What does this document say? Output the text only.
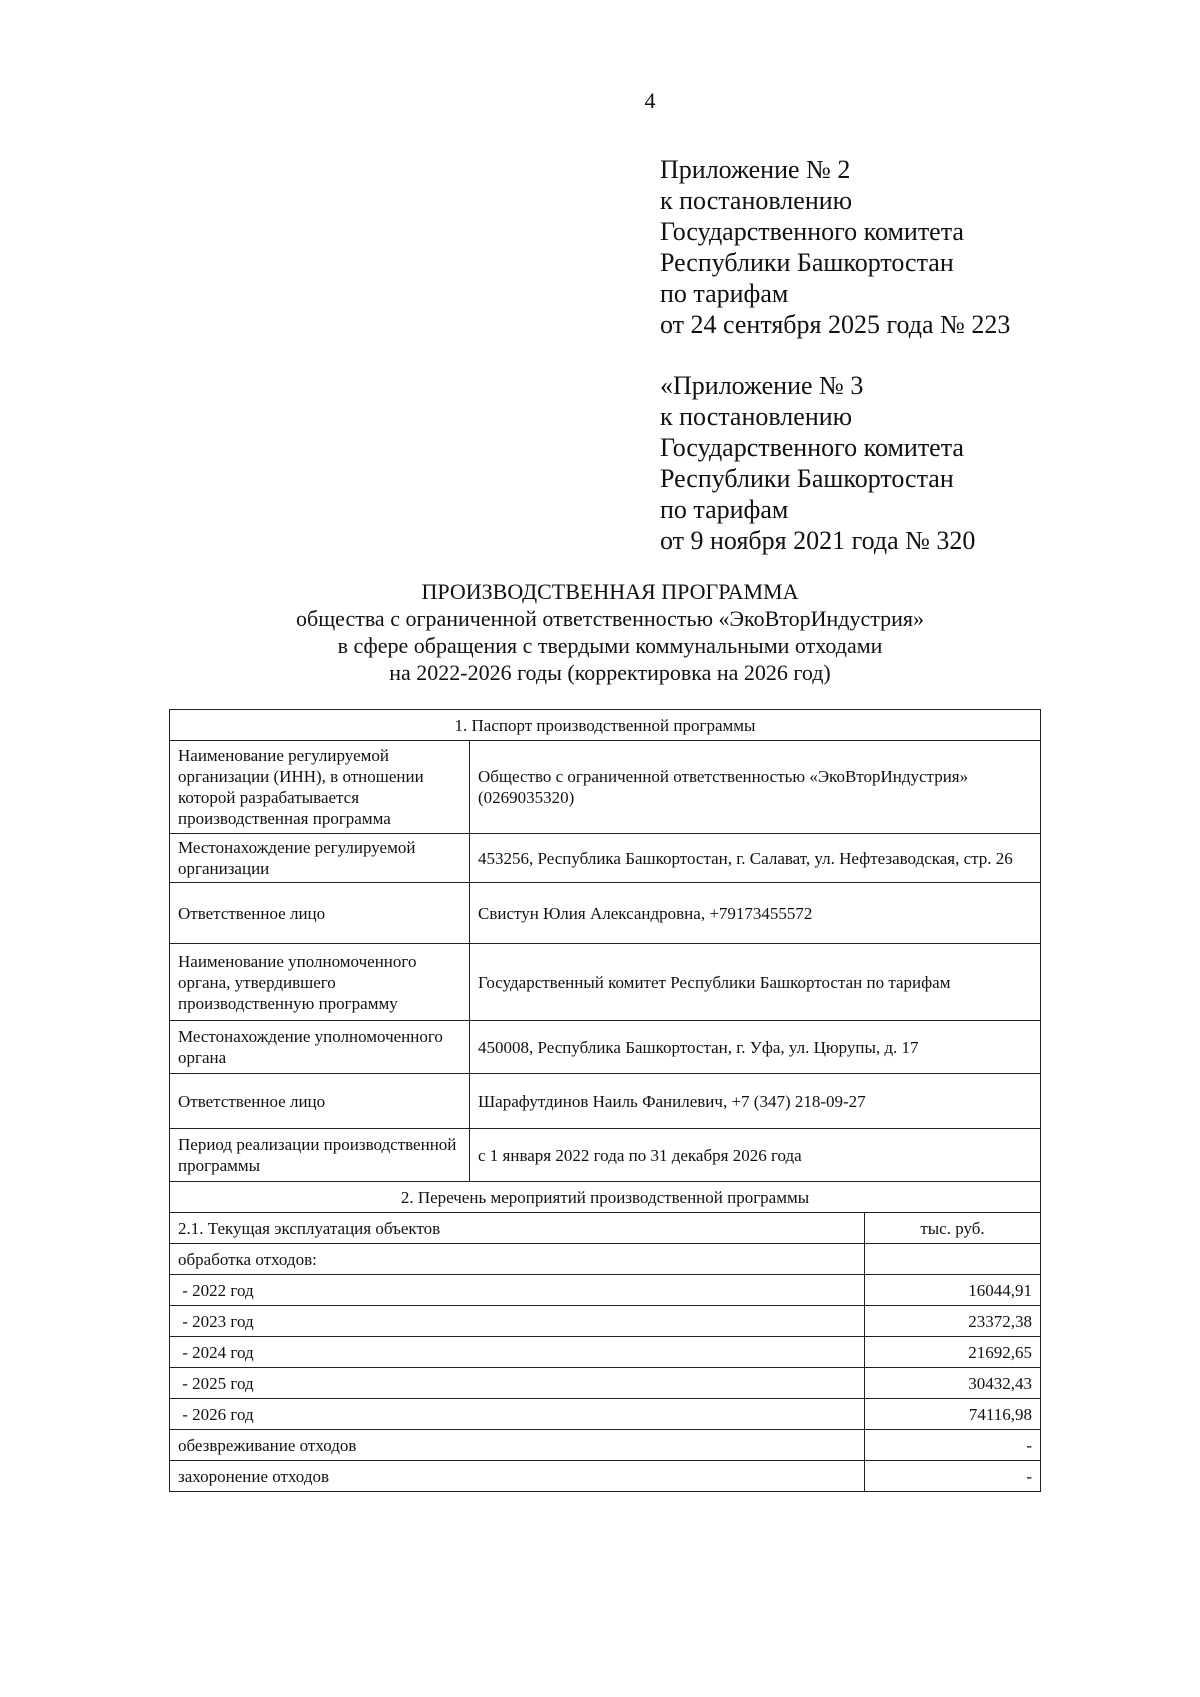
4
Приложение № 2
к постановлению
Государственного комитета
Республики Башкортостан
по тарифам
от 24 сентября 2025 года № 223
«Приложение № 3
к постановлению
Государственного комитета
Республики Башкортостан
по тарифам
от 9 ноября 2021 года № 320
ПРОИЗВОДСТВЕННАЯ ПРОГРАММА
общества с ограниченной ответственностью «ЭкоВторИндустрия»
в сфере обращения с твердыми коммунальными отходами
на 2022-2026 годы (корректировка на 2026 год)
1. Паспорт производственной программы		
Наименование регулируемой организации (ИНН), в отношении которой разрабатывается производственная программа	Общество с ограниченной ответственностью «ЭкоВторИндустрия» (0269035320)	
Местонахождение регулируемой организации	453256, Республика Башкортостан, г. Салават, ул. Нефтезаводская, стр. 26	
Ответственное лицо	Свистун Юлия Александровна, +79173455572	
Наименование уполномоченного органа, утвердившего производственную программу	Государственный комитет Республики Башкортостан по тарифам	
Местонахождение уполномоченного органа	450008, Республика Башкортостан, г. Уфа, ул. Цюрупы, д. 17	
Ответственное лицо	Шарафутдинов Наиль Фанилевич, +7 (347) 218-09-27	
Период реализации производственной программы	с 1 января 2022 года по 31 декабря 2026 года	
2. Перечень мероприятий производственной программы		
2.1. Текущая эксплуатация объектов		тыс. руб.
обработка отходов:		
- 2022 год		16044,91
- 2023 год		23372,38
- 2024 год		21692,65
- 2025 год		30432,43
- 2026 год		74116,98
обезвреживание отходов		-
захоронение отходов		-
